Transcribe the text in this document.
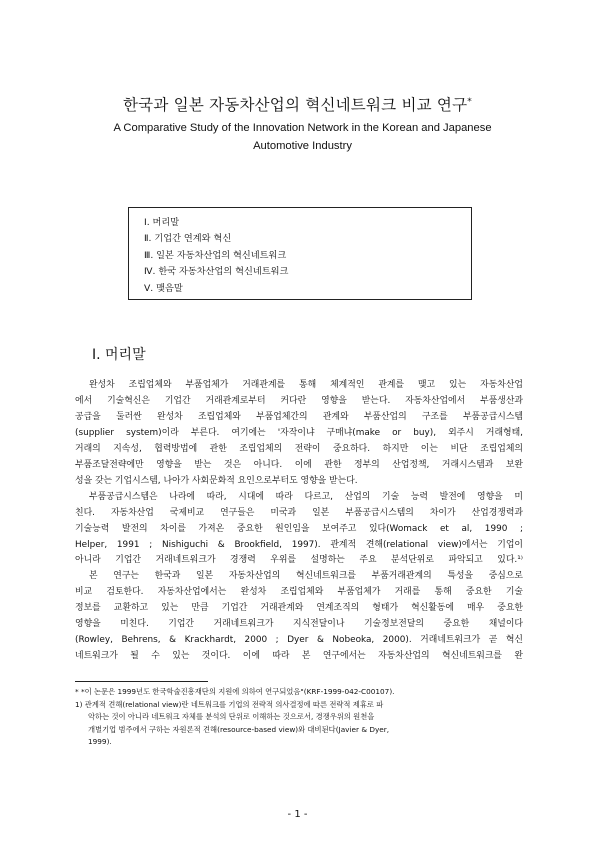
한국과 일본 자동차산업의 혁신네트워크 비교 연구*
A Comparative Study of the Innovation Network in the Korean and Japanese
Automotive Industry
Ⅰ. 머리말
Ⅱ. 기업간 연계와 혁신
Ⅲ. 일본 자동차산업의 혁신네트워크
Ⅳ. 한국 자동차산업의 혁신네트워크
Ⅴ. 맺음말
Ⅰ. 머리말
완성차 조립업체와 부품업체가 거래관계를 통해 체계적인 관계를 맺고 있는 자동차산업
에서 기술혁신은 기업간 거래관계로부터 커다란 영향을 받는다. 자동차산업에서 부품생산과
공급을 둘러싼 완성차 조립업체와 부품업체간의 관계와 부품산업의 구조를 부품공급시스템
(supplier system)이라 부른다. 여기에는 '자작이냐 구매냐(make or buy), 외주시 거래형태,
거래의 지속성, 협력방법에 관한 조립업체의 전략이 중요하다. 하지만 이는 비단 조립업체의
부품조달전략에만 영향을 받는 것은 아니다. 이에 관한 정부의 산업정책, 거래시스템과 보완
성을 갖는 기업시스템, 나아가 사회문화적 요인으로부터도 영향을 받는다.
부품공급시스템은 나라에 따라, 시대에 따라 다르고, 산업의 기술 능력 발전에 영향을 미
친다. 자동차산업 국제비교 연구들은 미국과 일본 부품공급시스템의 차이가 산업경쟁력과
기술능력 발전의 차이를 가져온 중요한 원인임을 보여주고 있다(Womack et al, 1990 ;
Helper, 1991 ; Nishiguchi & Brookfield, 1997). 관계적 견해(relational view)에서는 기업이
아니라 기업간 거래네트워크가 경쟁력 우위를 설명하는 주요 분석단위로 파악되고 있다.¹⁾
본 연구는 한국과 일본 자동차산업의 혁신네트워크를 부품거래관계의 특성을 중심으로
비교 검토한다. 자동차산업에서는 완성차 조립업체와 부품업체가 거래를 통해 중요한 기술
정보를 교환하고 있는 만큼 기업간 거래관계와 연계조직의 형태가 혁신활동에 매우 중요한
영향을 미친다. 기업간 거래네트워크가 지식전달이나 기술정보전달의 중요한 채널이다
(Rowley, Behrens, & Krackhardt, 2000 ; Dyer & Nobeoka, 2000). 거래네트워크가 곧 혁신
네트워크가 될 수 있는 것이다. 이에 따라 본 연구에서는 자동차산업의 혁신네트워크를 완
* *이 논문은 1999년도 한국학술진흥재단의 지원에 의하여 연구되었음"(KRF-1999-042-C00107).
1) 관계적 견해(relational view)란 네트워크를 기업의 전략적 의사결정에 따른 전략적 제휴로 파
악하는 것이 아니라 네트워크 자체를 분석의 단위로 이해하는 것으로서, 경쟁우위의 원천을
개별기업 범주에서 구하는 자원론적 견해(resource-based view)와 대비된다(Javier & Dyer,
1999).
- 1 -
